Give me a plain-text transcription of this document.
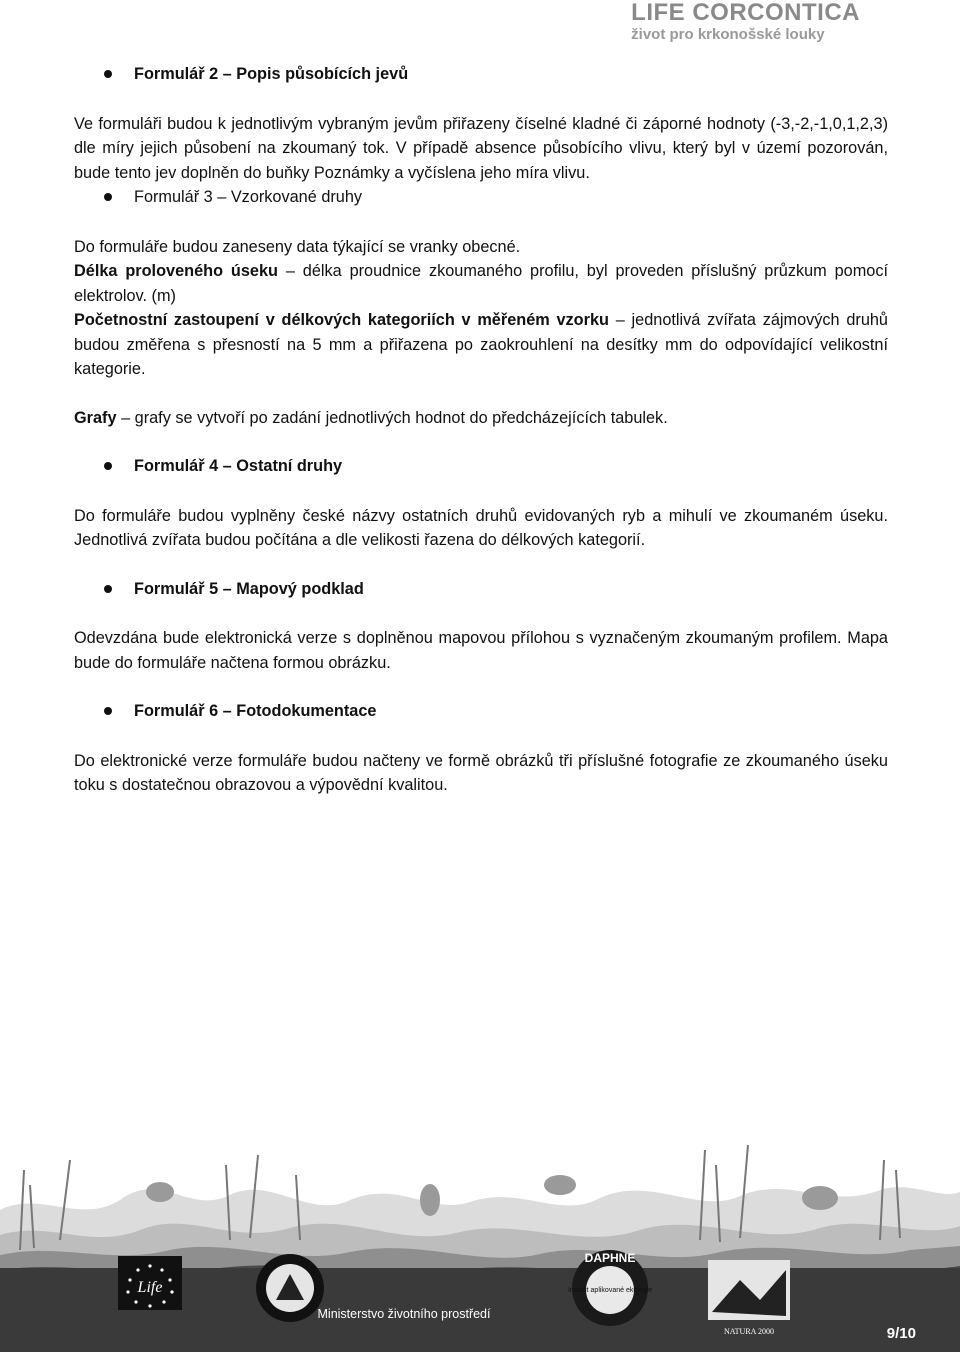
LIFE CORCONTICA
život pro krkonošské louky
Formulář 2 – Popis působících jevů

Ve formuláři budou k jednotlivým vybraným jevům přiřazeny číselné kladné či záporné hodnoty (-3,-2,-1,0,1,2,3) dle míry jejich působení na zkoumaný tok. V případě absence působícího vlivu, který byl v území pozorován, bude tento jev doplněn do buňky Poznámky a vyčíslena jeho míra vlivu.

Formulář 3 – Vzorkované druhy

Do formuláře budou zaneseny data týkající se vranky obecné.

Délka proloveného úseku – délka proudnice zkoumaného profilu, byl proveden příslušný průzkum pomocí elektrolov. (m)

Početnostní zastoupení v délkových kategoriích v měřeném vzorku – jednotlivá zvířata zájmových druhů budou změřena s přesností na 5 mm a přiřazena po zaokrouhlení na desítky mm do odpovídající velikostní kategorie.

Grafy – grafy se vytvoří po zadání jednotlivých hodnot do předcházejících tabulek.

Formulář 4 – Ostatní druhy

Do formuláře budou vyplněny české názvy ostatních druhů evidovaných ryb a mihulí ve zkoumaném úseku. Jednotlivá zvířata budou počítána a dle velikosti řazena do délkových kategorií.

Formulář 5 – Mapový podklad

Odevzdána bude elektronická verze s doplněnou mapovou přílohou s vyznačeným zkoumaným profilem. Mapa bude do formuláře načtena formou obrázku.

Formulář 6 – Fotodokumentace

Do elektronické verze formuláře budou načteny ve formě obrázků tři příslušné fotografie ze zkoumaného úseku toku s dostatečnou obrazovou a výpovědní kvalitou.

Life
Ministerstvo životního prostředí
DAPHNE
Institut aplikované ekologie
NATURA 2000	9/10
